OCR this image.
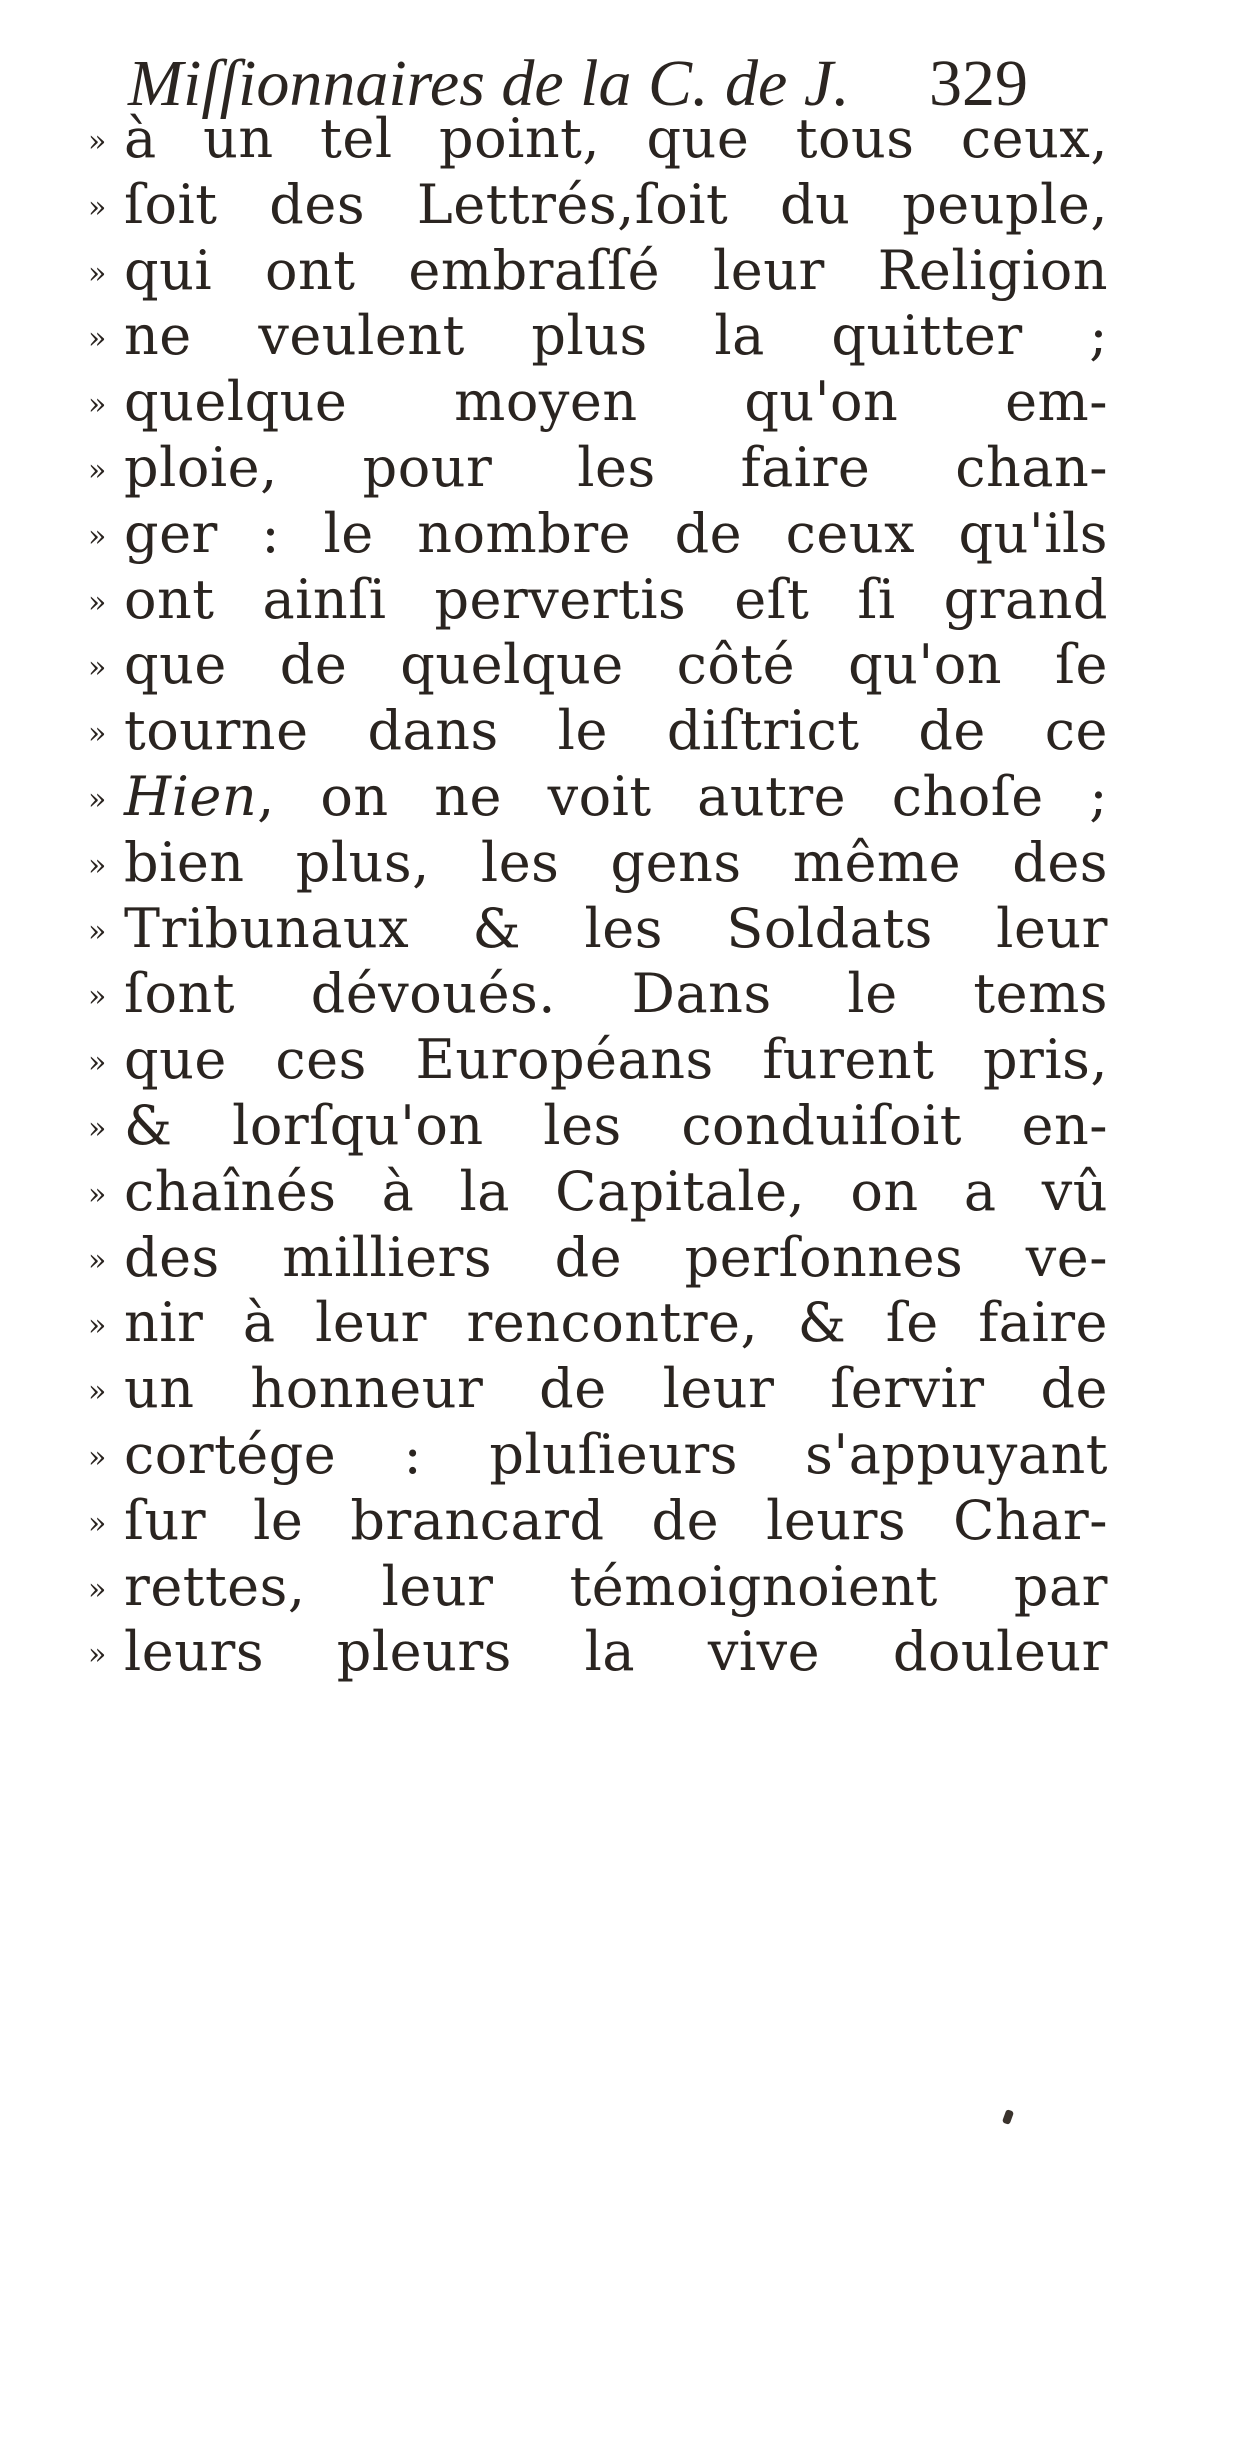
Miſſionnaires de la C. de J. 329
» à un tel point, que tous ceux,
» ſoit des Lettrés,ſoit du peuple,
» qui ont embraſſé leur Religion
» ne veulent plus la quitter ;
» quelque moyen qu'on em-
» ploie, pour les faire chan-
» ger : le nombre de ceux qu'ils
» ont ainſi pervertis eſt ſi grand
» que de quelque côté qu'on ſe
» tourne dans le diſtrict de ce
» Hien, on ne voit autre choſe ;
» bien plus, les gens même des
» Tribunaux & les Soldats leur
» ſont dévoués. Dans le tems
» que ces Européans furent pris,
» & lorſqu'on les conduiſoit en-
» chaînés à la Capitale, on a vû
» des milliers de perſonnes ve-
» nir à leur rencontre, & ſe faire
» un honneur de leur ſervir de
» cortége : pluſieurs s'appuyant
» ſur le brancard de leurs Char-
» rettes, leur témoignoient par
» leurs pleurs la vive douleur
